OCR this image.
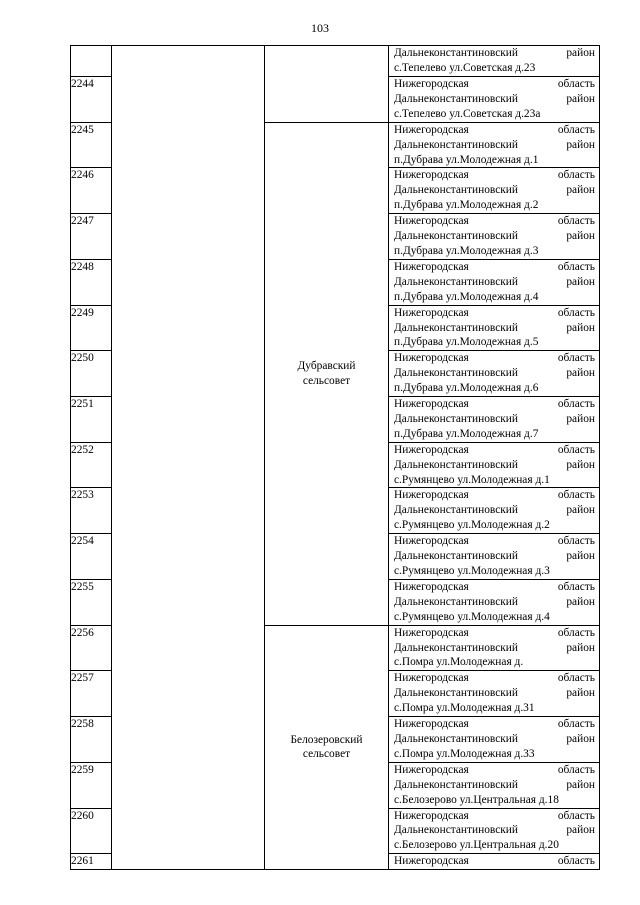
103

			Дальнеконстантиновский район
с.Тепелево ул.Советская д.23

2244			Нижегородская область
Дальнеконстантиновский район
с.Тепелево ул.Советская д.23а

2245		Дубравский
сельсовет	Нижегородская область
Дальнеконстантиновский район
п.Дубрава ул.Молодежная д.1

2246			Нижегородская область
Дальнеконстантиновский район
п.Дубрава ул.Молодежная д.2

2247			Нижегородская область
Дальнеконстантиновский район
п.Дубрава ул.Молодежная д.3

2248			Нижегородская область
Дальнеконстантиновский район
п.Дубрава ул.Молодежная д.4

2249			Нижегородская область
Дальнеконстантиновский район
п.Дубрава ул.Молодежная д.5

2250			Нижегородская область
Дальнеконстантиновский район
п.Дубрава ул.Молодежная д.6

2251			Нижегородская область
Дальнеконстантиновский район
п.Дубрава ул.Молодежная д.7

2252			Нижегородская область
Дальнеконстантиновский район
с.Румянцево ул.Молодежная д.1

2253			Нижегородская область
Дальнеконстантиновский район
с.Румянцево ул.Молодежная д.2

2254			Нижегородская область
Дальнеконстантиновский район
с.Румянцево ул.Молодежная д.3

2255			Нижегородская область
Дальнеконстантиновский район
с.Румянцево ул.Молодежная д.4

2256		Белозеровский
сельсовет	Нижегородская область
Дальнеконстантиновский район
с.Помра ул.Молодежная д.

2257			Нижегородская область
Дальнеконстантиновский район
с.Помра ул.Молодежная д.31

2258			Нижегородская область
Дальнеконстантиновский район
с.Помра ул.Молодежная д.33

2259			Нижегородская область
Дальнеконстантиновский район
с.Белозерово ул.Центральная д.18

2260			Нижегородская область
Дальнеконстантиновский район
с.Белозерово ул.Центральная д.20

2261			Нижегородская область
